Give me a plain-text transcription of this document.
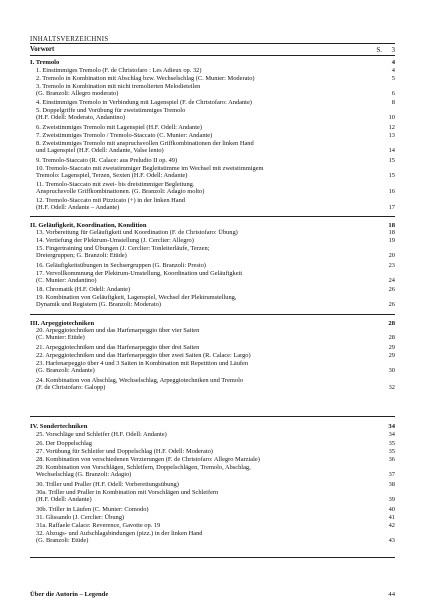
INHALTSVERZEICHNIS
Vorwort	S. 3
I. Tremolo	4
1. Einstimmiges Tremolo (F. de Christofaro : Les Adieux op. 32)	4
2. Tremolo in Kombination mit Abschlag bzw. Wechselschlag (C. Munier: Moderato)	5
3. Tremolo in Kombination mit nicht tremolierten Melodieteilen
(G. Branzoli: Allegro moderato)	6
4. Einstimmiges Tremolo in Verbindung mit Lagenspiel (F. de Christofaro: Andante)	8
5. Doppelgriffe und Vorübung für zweistimmiges Tremolo
(H.F. Odell: Moderato, Andantino)	10
6. Zweistimmiges Tremolo mit Lagenspiel (H.F. Odell: Andante)	12
7. Zweistimmiges Tremolo / Tremolo-Staccato (C. Munier: Andante)	13
8. Zweistimmiges Tremolo mit anspruchsvollen Griffkombinationen der linken Hand
und Lagenspiel (H.F. Odell: Andante, Valse lento)	14
9. Tremolo-Staccato (R. Calace: aus Preludio II op. 49)	15
10. Tremolo-Staccato mit zweistimmiger Begleitstimme im Wechsel mit zweistimmigem
Tremolo: Lagenspiel, Terzen, Sexten (H.F. Odell: Andante)	15
11. Tremolo-Staccato mit zwei- bis dreistimmiger Begleitung.
Anspruchsvolle Griffkombinationen. (G. Branzoli: Adagio molto)	16
12. Tremolo-Staccato mit Pizzicato (+) in der linken Hand
(H.F. Odell: Andante – Andante)	17
II. Geläufigkeit, Koordination, Kondition	18
13. Vorbereitung für Geläufigkeit und Koordination (F. de Christofaro: Übung)	18
14. Vertiefung der Plektrum-Umstellung (J. Cerclier: Allegro)	19
15. Fingertraining und Übungen (J. Cerclier: Tonleiterläufe, Terzen;
Dreiergruppen; G. Branzoli: Etüde)	20
16. Geläufigkeitsübungen in Sechsergruppen (G. Branzoli: Presto)	23
17. Vervollkommnung der Plektrum-Umstellung, Koordination und Geläufigkeit
(C. Munier: Andantino)	24
18. Chromatik (H.F. Odell: Andante)	26
19. Kombination von Geläufigkeit, Lagenspiel, Wechsel der Plektrumstellung,
Dynamik und Registern (G. Branzoli: Moderato)	26
III. Arpeggiotechniken	28
20. Arpeggiotechniken und das Harfenarpeggio über vier Saiten
(C. Munier: Etüde)	28
21. Arpeggiotechniken und das Harfenarpeggio über drei Saiten	29
22. Arpeggiotechniken und das Harfenarpeggio über zwei Saiten (R. Calace: Largo)	29
23. Harfenarpeggio über 4 und 3 Saiten in Kombination mit Repetition und Läufen
(G. Branzoli: Andante)	30
24. Kombination von Abschlag, Wechselschlag, Arpeggiotechniken und Tremolo
(F. de Christofaro: Galopp)	32
IV. Sondertechniken	34
25. Vorschläge und Schleifer (H.F. Odell: Andante)	34
26. Der Doppelschlag	35
27. Vorübung für Schleifer und Doppelschlag (H.F. Odell: Moderato)	35
28. Kombination von verschiedenen Verzierungen (F. de Christofaro: Allegro Marziale)	36
29. Kombination von Vorschlägen, Schleifern, Doppelschlägen, Tremolo, Abschlag,
Wechselschlag (G. Branzoli: Adagio)	37
30. Triller und Praller (H.F. Odell: Vorbereitungsübung)	38
30a. Triller und Praller in Kombination mit Vorschlägen und Schleifern
(H.F. Odell: Andante)	39
30b. Triller in Läufen (C. Munier: Comodo)	40
31. Glissando (J. Cerclier: Übung)	41
31a. Raffaele Calace: Reverence, Gavotte op. 19	42
32. Abzugs- und Aufschlagsbindungen (pizz.) in der linken Hand
(G. Branzoli: Etüde)	43
Über die Autorin – Legende	44
